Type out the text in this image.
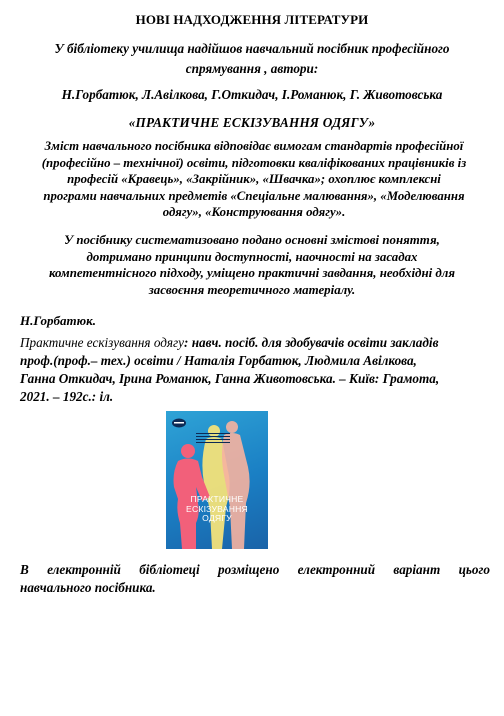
НОВІ НАДХОДЖЕННЯ ЛІТЕРАТУРИ
У бібліотеку училища надійшов навчальний посібник професійного
спрямування , автори:
Н.Горбатюк, Л.Авілкова, Г.Откидач, І.Романюк, Г. Животовська
«ПРАКТИЧНЕ ЕСКІЗУВАННЯ ОДЯГУ»
Зміст навчального посібника відповідає вимогам стандартів професійної
(професійно – технічної) освіти, підготовки кваліфікованих працівників із
професій «Кравець», «Закрійник», «Швачка»; охоплює комплексні
програми навчальних предметів «Спеціальне малювання», «Моделювання
одягу», «Конструювання одягу».
У посібнику систематизовано подано основні змістові поняття,
дотримано принципи доступності, наочності на засадах
компетентнісного підходу, уміщено практичні завдання, необхідні для
засвоєння теоретичного матеріалу.
Н.Горбатюк.
Практичне ескізування одягу: навч. посіб. для здобувачів освіти закладів
проф.(проф.– тех.) освіти / Наталія Горбатюк, Людмила Авілкова,
Ганна Откидач, Ірина Романюк, Ганна Животовська. – Київ: Грамота,
2021. – 192с.: іл.
ПРАКТИЧНЕ
ЕСКІЗУВАННЯ
ОДЯГУ
В електронній бібліотеці розміщено електронний варіант цього
навчального посібника.
